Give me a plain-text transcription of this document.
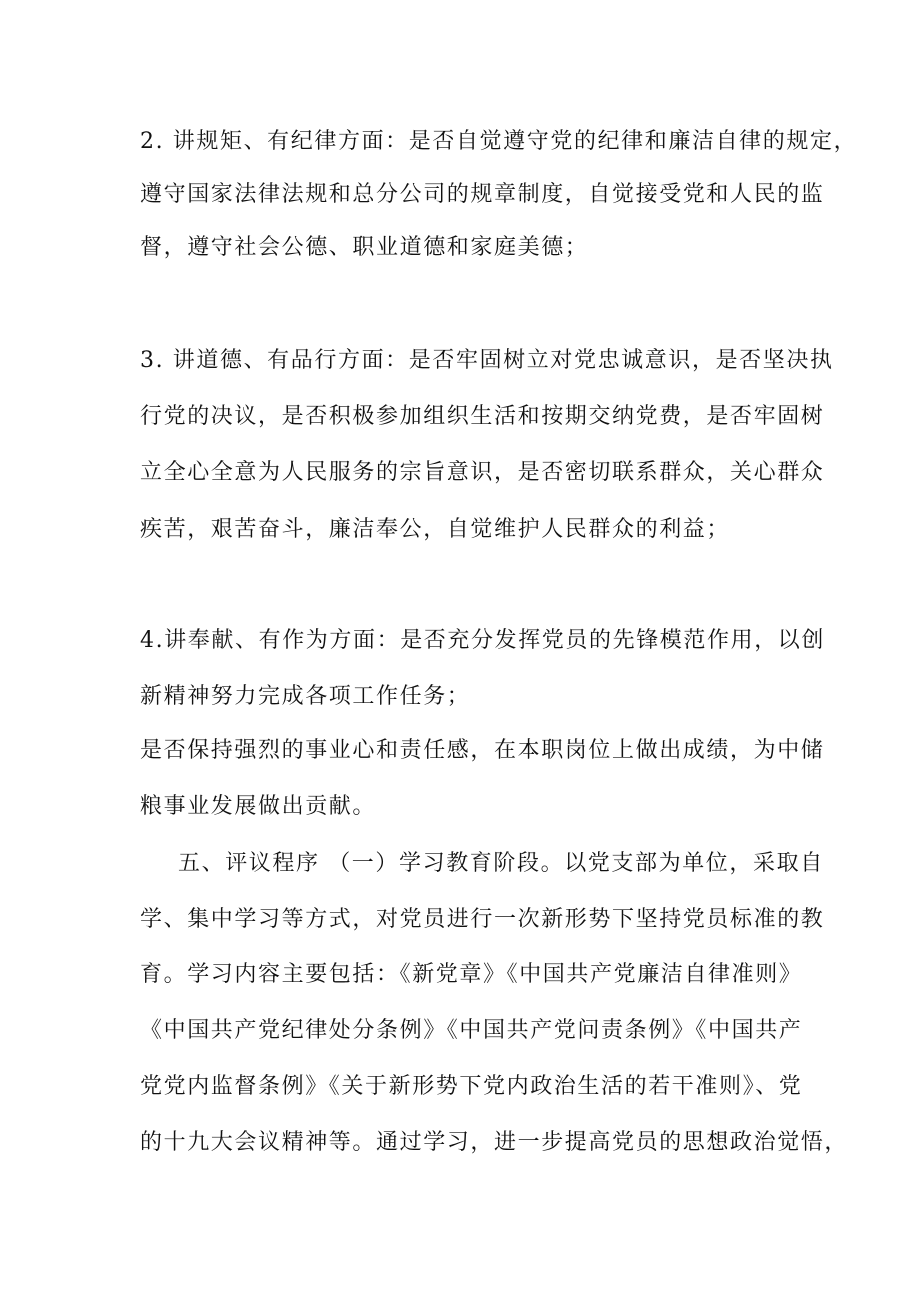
2. 讲规矩、有纪律方面：是否自觉遵守党的纪律和廉洁自律的规定，
遵守国家法律法规和总分公司的规章制度，自觉接受党和人民的监
督，遵守社会公德、职业道德和家庭美德；
3. 讲道德、有品行方面：是否牢固树立对党忠诚意识，是否坚决执
行党的决议，是否积极参加组织生活和按期交纳党费，是否牢固树
立全心全意为人民服务的宗旨意识，是否密切联系群众，关心群众
疾苦，艰苦奋斗，廉洁奉公，自觉维护人民群众的利益；
4.讲奉献、有作为方面：是否充分发挥党员的先锋模范作用，以创
新精神努力完成各项工作任务；
是否保持强烈的事业心和责任感，在本职岗位上做出成绩，为中储
粮事业发展做出贡献。
五、评议程序 （一）学习教育阶段。以党支部为单位，采取自
学、集中学习等方式，对党员进行一次新形势下坚持党员标准的教
育。学习内容主要包括：《新党章》《中国共产党廉洁自律准则》
《中国共产党纪律处分条例》《中国共产党问责条例》《中国共产
党党内监督条例》《关于新形势下党内政治生活的若干准则》、党
的十九大会议精神等。通过学习，进一步提高党员的思想政治觉悟，
